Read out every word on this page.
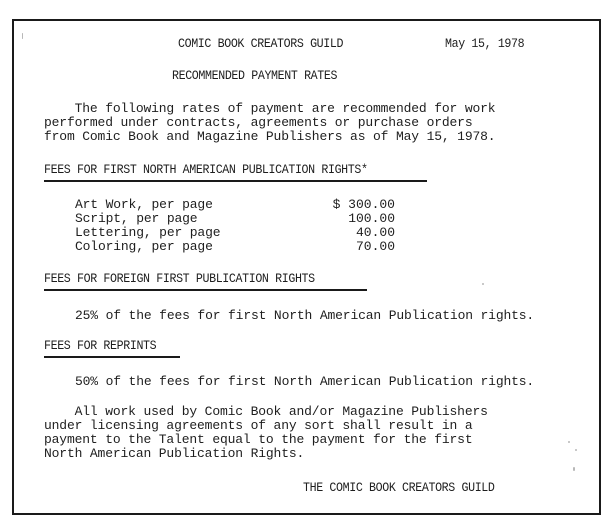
COMIC BOOK CREATORS GUILD	May 15, 1978
RECOMMENDED PAYMENT RATES
The following rates of payment are recommended for work
performed under contracts, agreements or purchase orders
from Comic Book and Magazine Publishers as of May 15, 1978.
FEES FOR FIRST NORTH AMERICAN PUBLICATION RIGHTS*
Art Work, per page	$ 300.00
Script, per page	100.00
Lettering, per page	40.00
Coloring, per page	70.00
FEES FOR FOREIGN FIRST PUBLICATION RIGHTS
25% of the fees for first North American Publication rights.
FEES FOR REPRINTS
50% of the fees for first North American Publication rights.
All work used by Comic Book and/or Magazine Publishers
under licensing agreements of any sort shall result in a
payment to the Talent equal to the payment for the first
North American Publication Rights.
THE COMIC BOOK CREATORS GUILD
